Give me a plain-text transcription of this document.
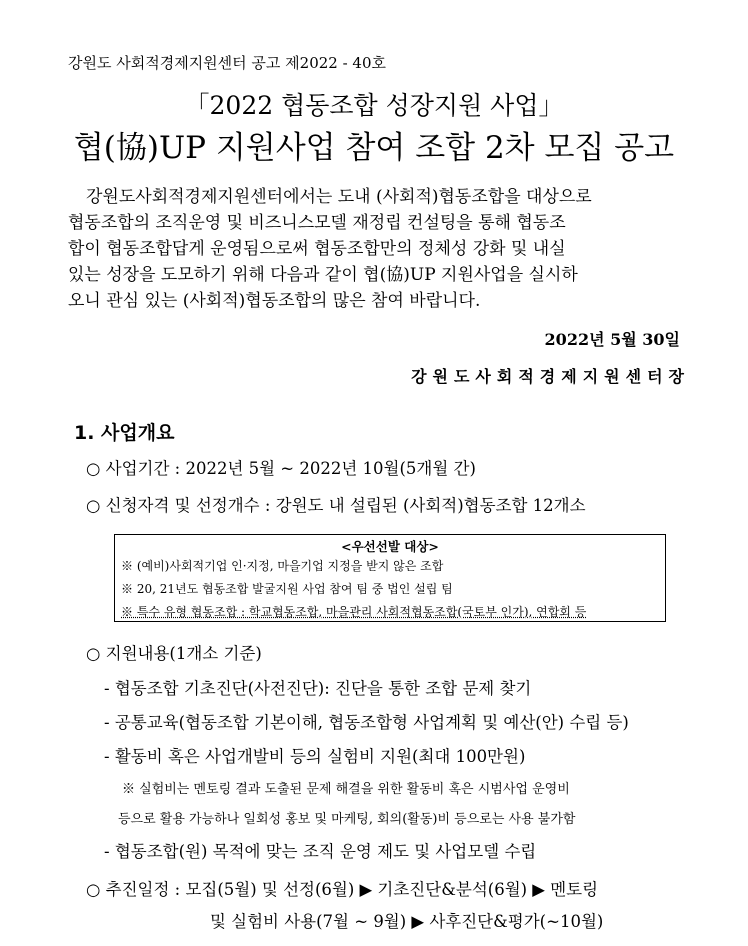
강원도 사회적경제지원센터 공고 제2022 - 40호
「2022 협동조합 성장지원 사업」
협(協)UP 지원사업 참여 조합 2차 모집 공고
강원도사회적경제지원센터에서는 도내 (사회적)협동조합을 대상으로
협동조합의 조직운영 및 비즈니스모델 재정립 컨설팅을 통해 협동조
합이 협동조합답게 운영됨으로써 협동조합만의 정체성 강화 및 내실
있는 성장을 도모하기 위해 다음과 같이 협(協)UP 지원사업을 실시하
오니 관심 있는 (사회적)협동조합의 많은 참여 바랍니다.
2022년 5월 30일
강원도사회적경제지원센터장
1. 사업개요
○ 사업기간 : 2022년 5월 ~ 2022년 10월(5개월 간)
○ 신청자격 및 선정개수 : 강원도 내 설립된 (사회적)협동조합 12개소
<우선선발 대상>
※ (예비)사회적기업 인·지정, 마을기업 지정을 받지 않은 조합
※ 20, 21년도 협동조합 발굴지원 사업 참여 팀 중 법인 설립 팀
※ 특수 유형 협동조합 : 학교협동조합, 마을관리 사회적협동조합(국토부 인가), 연합회 등
○ 지원내용(1개소 기준)
- 협동조합 기초진단(사전진단): 진단을 통한 조합 문제 찾기
- 공통교육(협동조합 기본이해, 협동조합형 사업계획 및 예산(안) 수립 등)
- 활동비 혹은 사업개발비 등의 실험비 지원(최대 100만원)
※ 실험비는 멘토링 결과 도출된 문제 해결을 위한 활동비 혹은 시범사업 운영비
등으로 활용 가능하나 일회성 홍보 및 마케팅, 회의(활동)비 등으로는 사용 불가함
- 협동조합(원) 목적에 맞는 조직 운영 제도 및 사업모델 수립
○ 추진일정 : 모집(5월) 및 선정(6월) ▶ 기초진단&분석(6월) ▶ 멘토링
및 실험비 사용(7월 ~ 9월) ▶ 사후진단&평가(~10월)
